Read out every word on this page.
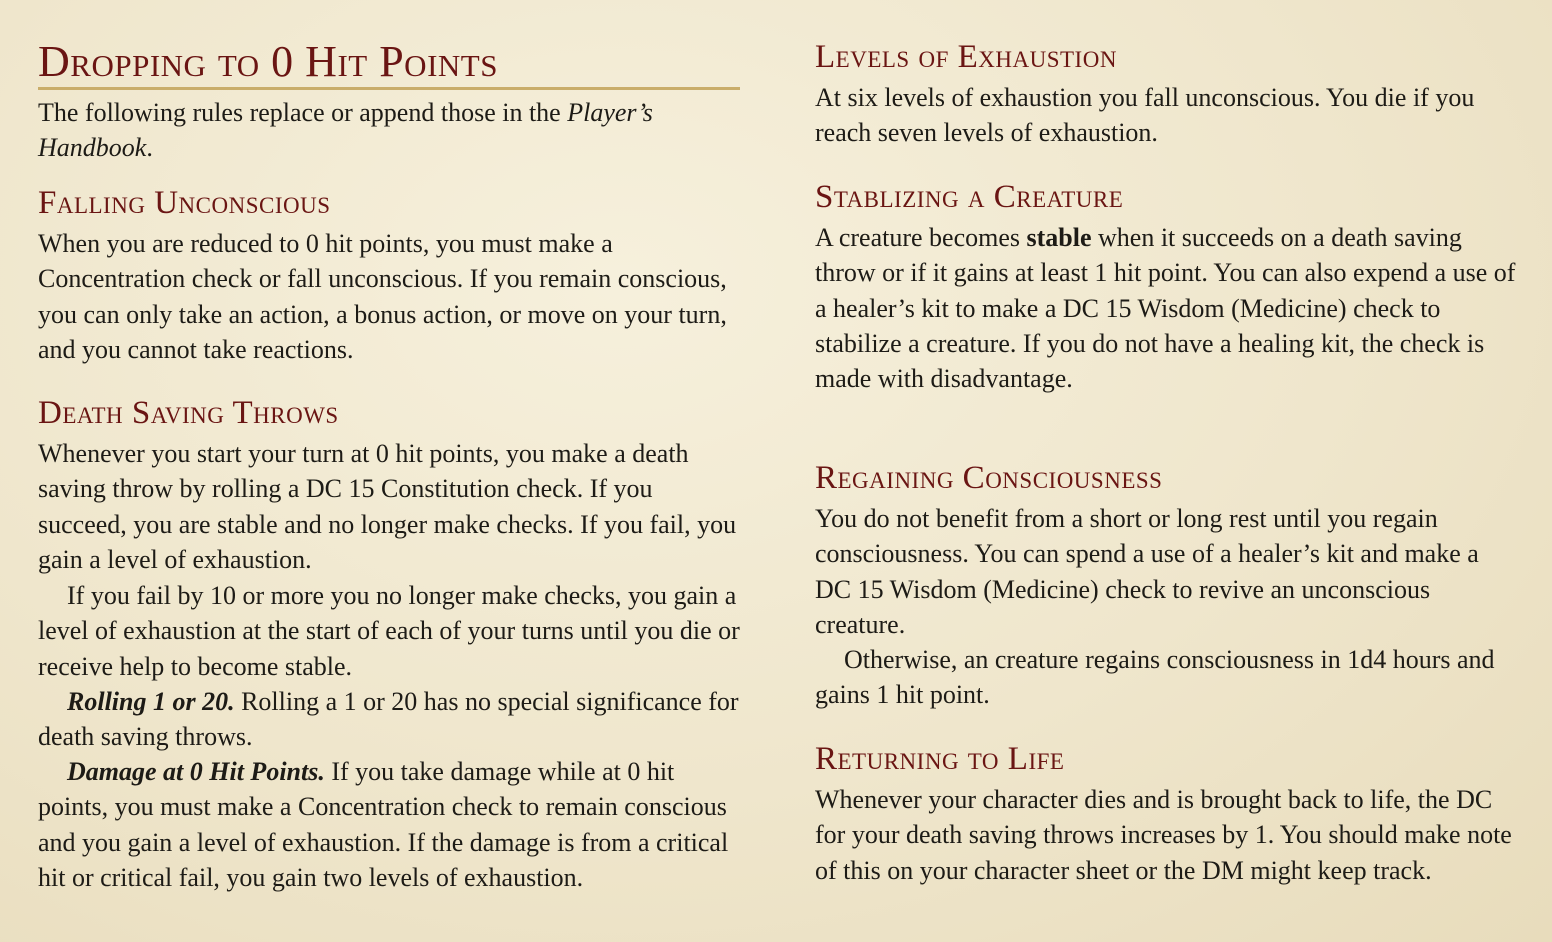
Dropping to 0 Hit Points

The following rules replace or append those in the Player’s Handbook.

Falling Unconscious

When you are reduced to 0 hit points, you must make a Concentration check or fall unconscious. If you remain conscious, you can only take an action, a bonus action, or move on your turn, and you cannot take reactions.

Death Saving Throws

Whenever you start your turn at 0 hit points, you make a death saving throw by rolling a DC 15 Constitution check. If you succeed, you are stable and no longer make checks. If you fail, you gain a level of exhaustion.

If you fail by 10 or more you no longer make checks, you gain a level of exhaustion at the start of each of your turns until you die or receive help to become stable.

Rolling 1 or 20. Rolling a 1 or 20 has no special significance for death saving throws.

Damage at 0 Hit Points. If you take damage while at 0 hit points, you must make a Concentration check to remain conscious and you gain a level of exhaustion. If the damage is from a critical hit or critical fail, you gain two levels of exhaustion.

Levels of Exhaustion

At six levels of exhaustion you fall unconscious. You die if you reach seven levels of exhaustion.

Stablizing a Creature

A creature becomes stable when it succeeds on a death saving throw or if it gains at least 1 hit point. You can also expend a use of a healer’s kit to make a DC 15 Wisdom (Medicine) check to stabilize a creature. If you do not have a healing kit, the check is made with disadvantage.

Regaining Consciousness

You do not benefit from a short or long rest until you regain consciousness. You can spend a use of a healer’s kit and make a DC 15 Wisdom (Medicine) check to revive an unconscious creature.

Otherwise, an creature regains consciousness in 1d4 hours and gains 1 hit point.

Returning to Life

Whenever your character dies and is brought back to life, the DC for your death saving throws increases by 1. You should make note of this on your character sheet or the DM might keep track.
